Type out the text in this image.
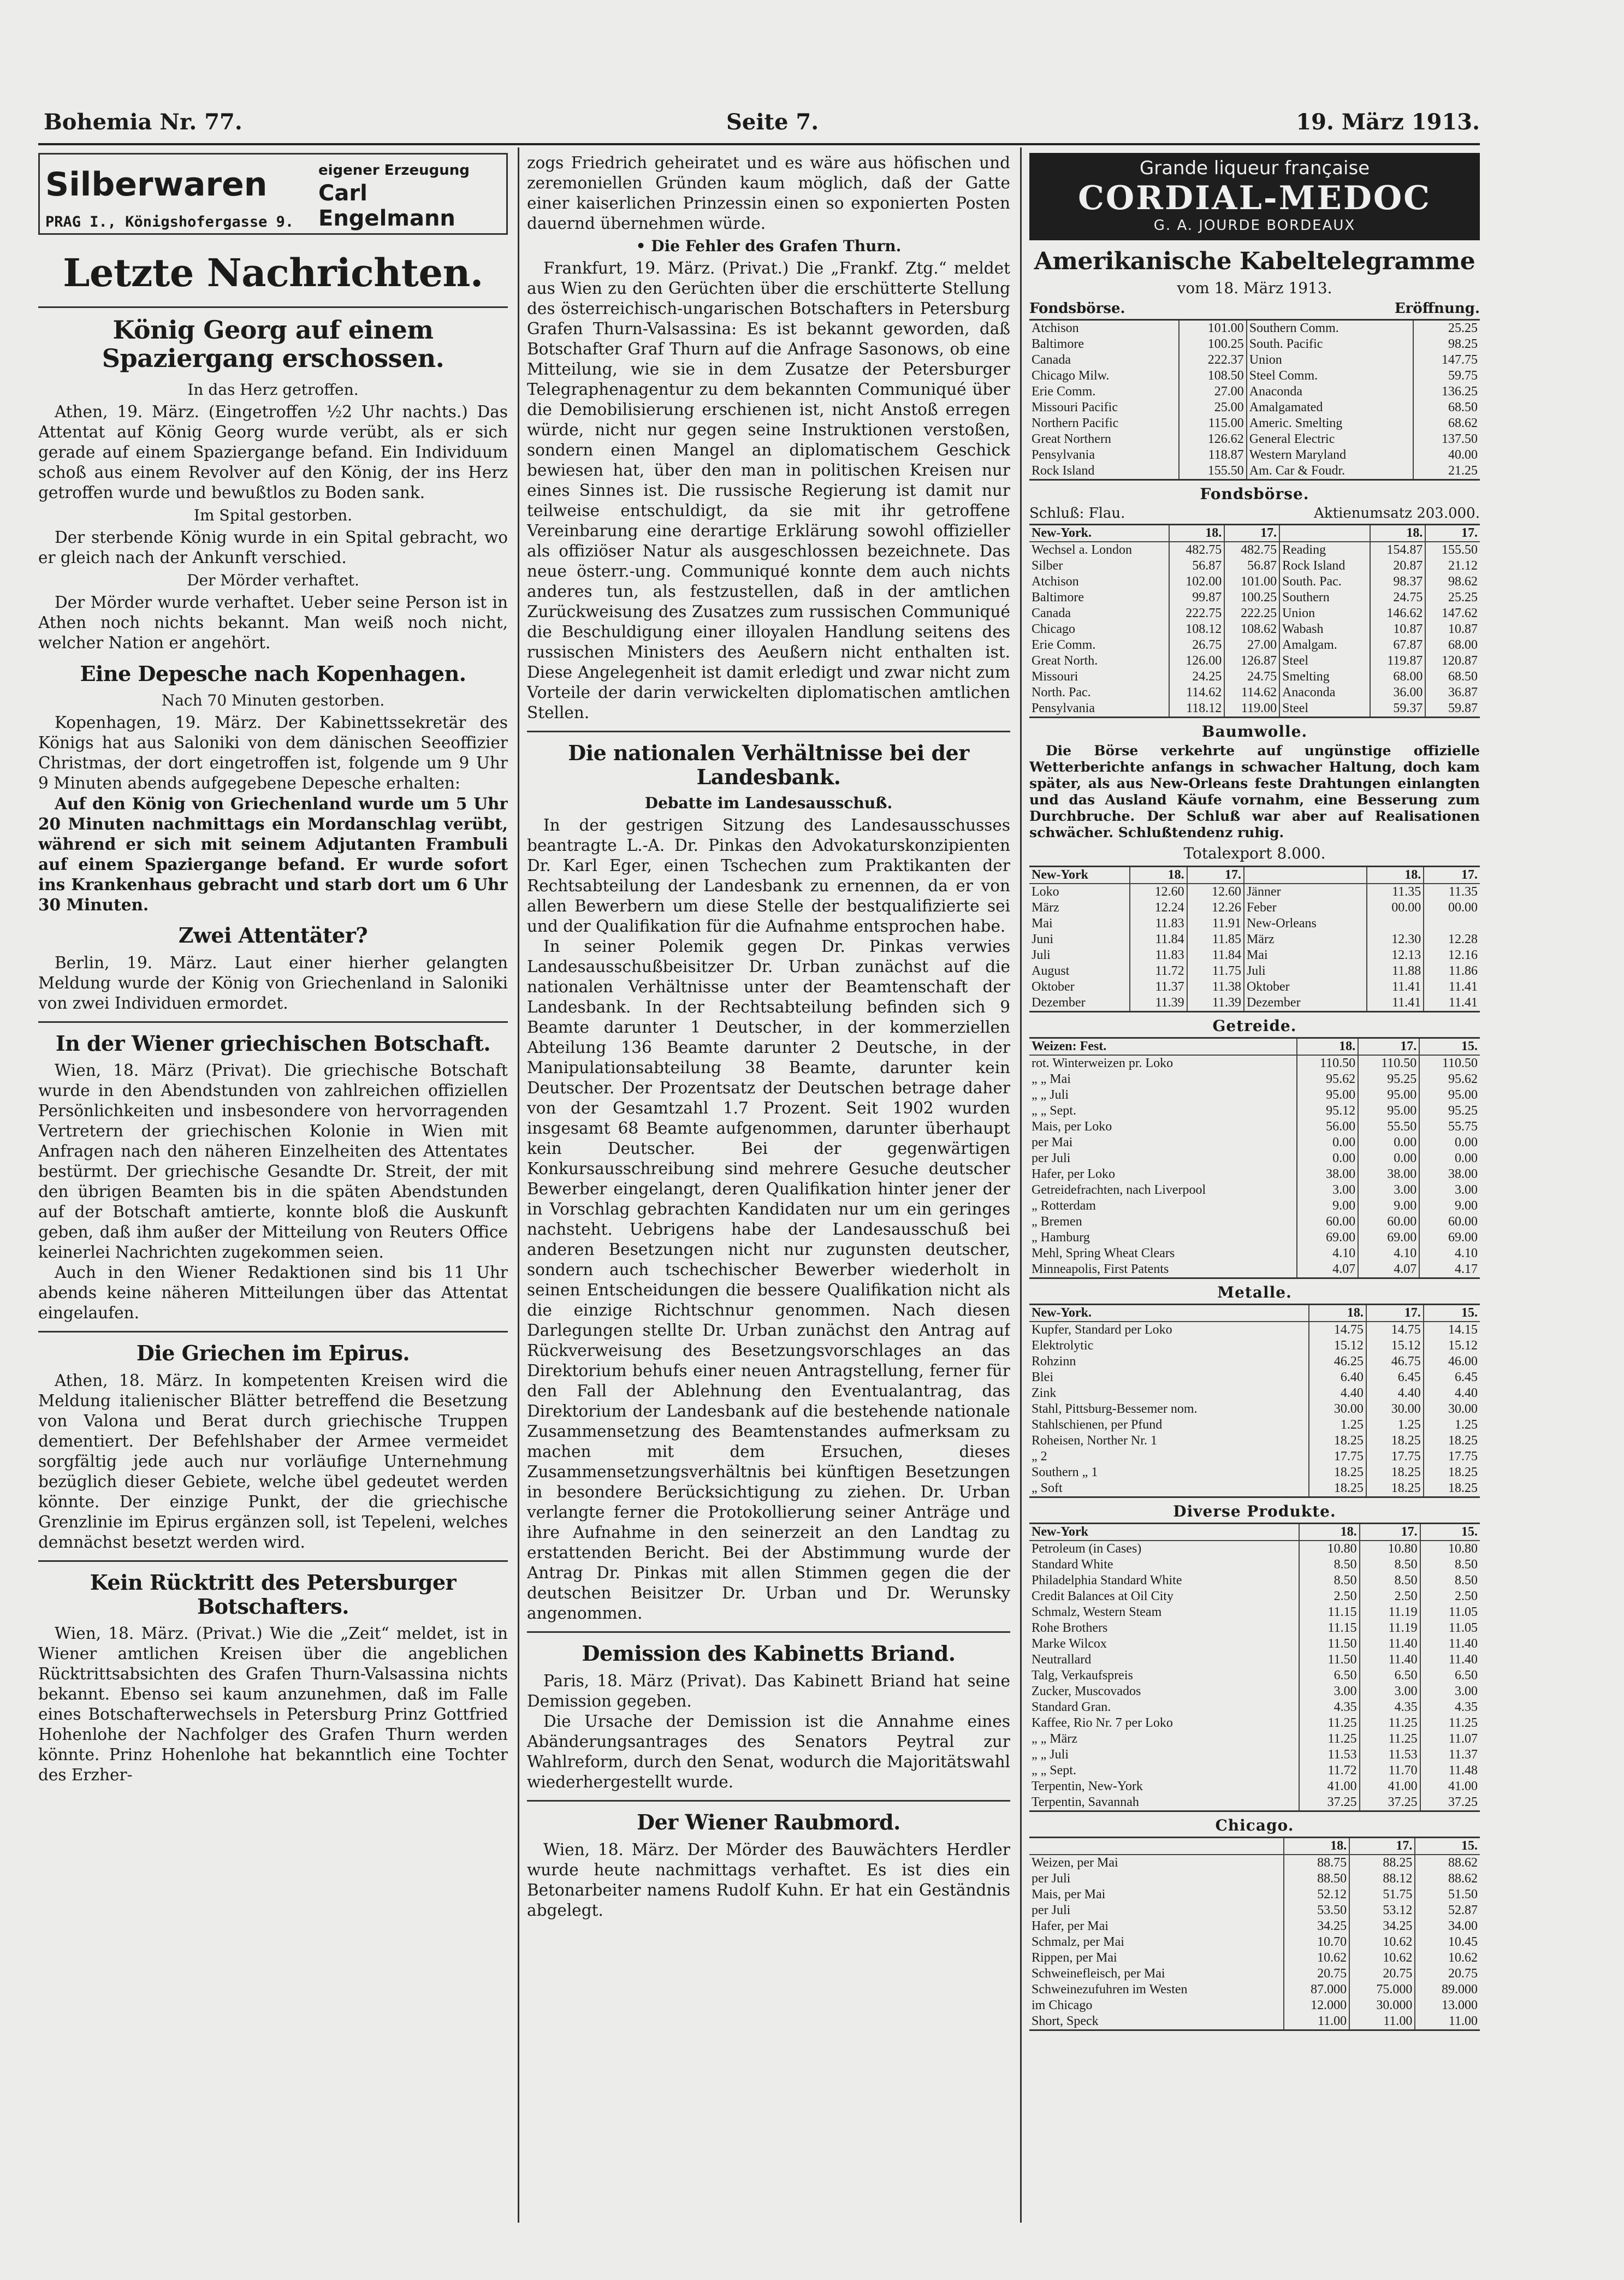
Bohemia Nr. 77.	Seite 7.	19. März 1913.
Silberwaren	eigener Erzeugung
Carl Engelmann
PRAG I., Königshofergasse 9.
Letzte Nachrichten.
König Georg auf einem Spaziergang erschossen.
In das Herz getroffen.

Athen, 19. März. (Eingetroffen ½2 Uhr nachts.) Das Attentat auf König Georg wurde verübt, als er sich gerade auf einem Spaziergange befand. Ein Individuum schoß aus einem Revolver auf den König, der ins Herz getroffen wurde und bewußtlos zu Boden sank.

Im Spital gestorben.

Der sterbende König wurde in ein Spital gebracht, wo er gleich nach der Ankunft verschied.

Der Mörder verhaftet.

Der Mörder wurde verhaftet. Ueber seine Person ist in Athen noch nichts bekannt. Man weiß noch nicht, welcher Nation er angehört.

Eine Depesche nach Kopenhagen.
Nach 70 Minuten gestorben.

Kopenhagen, 19. März. Der Kabinettssekretär des Königs hat aus Saloniki von dem dänischen Seeoffizier Christmas, der dort eingetroffen ist, folgende um 9 Uhr 9 Minuten abends aufgegebene Depesche erhalten:

Auf den König von Griechenland wurde um 5 Uhr 20 Minuten nachmittags ein Mordanschlag verübt, während er sich mit seinem Adjutanten Frambuli auf einem Spaziergange befand. Er wurde sofort ins Krankenhaus gebracht und starb dort um 6 Uhr 30 Minuten.

Zwei Attentäter?

Berlin, 19. März. Laut einer hierher gelangten Meldung wurde der König von Griechenland in Saloniki von zwei Individuen ermordet.

In der Wiener griechischen Botschaft.

Wien, 18. März (Privat). Die griechische Botschaft wurde in den Abendstunden von zahlreichen offiziellen Persönlichkeiten und insbesondere von hervorragenden Vertretern der griechischen Kolonie in Wien mit Anfragen nach den näheren Einzelheiten des Attentates bestürmt. Der griechische Gesandte Dr. Streit, der mit den übrigen Beamten bis in die späten Abendstunden auf der Botschaft amtierte, konnte bloß die Auskunft geben, daß ihm außer der Mitteilung von Reuters Office keinerlei Nachrichten zugekommen seien.

Auch in den Wiener Redaktionen sind bis 11 Uhr abends keine näheren Mitteilungen über das Attentat eingelaufen.

Die Griechen im Epirus.

Athen, 18. März. In kompetenten Kreisen wird die Meldung italienischer Blätter betreffend die Besetzung von Valona und Berat durch griechische Truppen dementiert. Der Befehlshaber der Armee vermeidet sorgfältig jede auch nur vorläufige Unternehmung bezüglich dieser Gebiete, welche übel gedeutet werden könnte. Der einzige Punkt, der die griechische Grenzlinie im Epirus ergänzen soll, ist Tepeleni, welches demnächst besetzt werden wird.

Kein Rücktritt des Petersburger Botschafters.

Wien, 18. März. (Privat.) Wie die „Zeit“ meldet, ist in Wiener amtlichen Kreisen über die angeblichen Rücktrittsabsichten des Grafen Thurn-Valsassina nichts bekannt. Ebenso sei kaum anzunehmen, daß im Falle eines Botschafterwechsels in Petersburg Prinz Gottfried Hohenlohe der Nachfolger des Grafen Thurn werden könnte. Prinz Hohenlohe hat bekanntlich eine Tochter des Erzher-

zogs Friedrich geheiratet und es wäre aus höfischen und zeremoniellen Gründen kaum möglich, daß der Gatte einer kaiserlichen Prinzessin einen so exponierten Posten dauernd übernehmen würde.

• Die Fehler des Grafen Thurn.

Frankfurt, 19. März. (Privat.) Die „Frankf. Ztg.“ meldet aus Wien zu den Gerüchten über die erschütterte Stellung des österreichisch-ungarischen Botschafters in Petersburg Grafen Thurn-Valsassina: Es ist bekannt geworden, daß Botschafter Graf Thurn auf die Anfrage Sasonows, ob eine Mitteilung, wie sie in dem Zusatze der Petersburger Telegraphenagentur zu dem bekannten Communiqué über die Demobilisierung erschienen ist, nicht Anstoß erregen würde, nicht nur gegen seine Instruktionen verstoßen, sondern einen Mangel an diplomatischem Geschick bewiesen hat, über den man in politischen Kreisen nur eines Sinnes ist. Die russische Regierung ist damit nur teilweise entschuldigt, da sie mit ihr getroffene Vereinbarung eine derartige Erklärung sowohl offizieller als offiziöser Natur als ausgeschlossen bezeichnete. Das neue österr.-ung. Communiqué konnte dem auch nichts anderes tun, als festzustellen, daß in der amtlichen Zurückweisung des Zusatzes zum russischen Communiqué die Beschuldigung einer illoyalen Handlung seitens des russischen Ministers des Aeußern nicht enthalten ist. Diese Angelegenheit ist damit erledigt und zwar nicht zum Vorteile der darin verwickelten diplomatischen amtlichen Stellen.

Die nationalen Verhältnisse bei der Landesbank.
Debatte im Landesausschuß.

In der gestrigen Sitzung des Landesausschusses beantragte L.-A. Dr. Pinkas den Advokaturskonzipienten Dr. Karl Eger, einen Tschechen zum Praktikanten der Rechtsabteilung der Landesbank zu ernennen, da er von allen Bewerbern um diese Stelle der bestqualifizierte sei und der Qualifikation für die Aufnahme entsprochen habe.

In seiner Polemik gegen Dr. Pinkas verwies Landesausschußbeisitzer Dr. Urban zunächst auf die nationalen Verhältnisse unter der Beamtenschaft der Landesbank. In der Rechtsabteilung befinden sich 9 Beamte darunter 1 Deutscher, in der kommerziellen Abteilung 136 Beamte darunter 2 Deutsche, in der Manipulationsabteilung 38 Beamte, darunter kein Deutscher. Der Prozentsatz der Deutschen betrage daher von der Gesamtzahl 1.7 Prozent. Seit 1902 wurden insgesamt 68 Beamte aufgenommen, darunter überhaupt kein Deutscher. Bei der gegenwärtigen Konkursausschreibung sind mehrere Gesuche deutscher Bewerber eingelangt, deren Qualifikation hinter jener der in Vorschlag gebrachten Kandidaten nur um ein geringes nachsteht. Uebrigens habe der Landesausschuß bei anderen Besetzungen nicht nur zugunsten deutscher, sondern auch tschechischer Bewerber wiederholt in seinen Entscheidungen die bessere Qualifikation nicht als die einzige Richtschnur genommen. Nach diesen Darlegungen stellte Dr. Urban zunächst den Antrag auf Rückverweisung des Besetzungsvorschlages an das Direktorium behufs einer neuen Antragstellung, ferner für den Fall der Ablehnung den Eventualantrag, das Direktorium der Landesbank auf die bestehende nationale Zusammensetzung des Beamtenstandes aufmerksam zu machen mit dem Ersuchen, dieses Zusammensetzungsverhältnis bei künftigen Besetzungen in besondere Berücksichtigung zu ziehen. Dr. Urban verlangte ferner die Protokollierung seiner Anträge und ihre Aufnahme in den seinerzeit an den Landtag zu erstattenden Bericht. Bei der Abstimmung wurde der Antrag Dr. Pinkas mit allen Stimmen gegen die der deutschen Beisitzer Dr. Urban und Dr. Werunsky angenommen.

Demission des Kabinetts Briand.

Paris, 18. März (Privat). Das Kabinett Briand hat seine Demission gegeben.

Die Ursache der Demission ist die Annahme eines Abänderungsantrages des Senators Peytral zur Wahlreform, durch den Senat, wodurch die Majoritätswahl wiederhergestellt wurde.

Der Wiener Raubmord.

Wien, 18. März. Der Mörder des Bauwächters Herdler wurde heute nachmittags verhaftet. Es ist dies ein Betonarbeiter namens Rudolf Kuhn. Er hat ein Geständnis abgelegt.

Grande liqueur française
CORDIAL-MEDOC
G. A. JOURDE BORDEAUX
Amerikanische Kabeltelegramme
vom 18. März 1913.
Fondsbörse.	Eröffnung.
Atchison	101.00	Southern Comm.	25.25
Baltimore	100.25	South. Pacific	98.25
Canada	222.37	Union	147.75
Chicago Milw.	108.50	Steel Comm.	59.75
Erie Comm.	27.00	Anaconda	136.25
Missouri Pacific	25.00	Amalgamated	68.50
Northern Pacific	115.00	Americ. Smelting	68.62
Great Northern	126.62	General Electric	137.50
Pensylvania	118.87	Western Maryland	40.00
Rock Island	155.50	Am. Car & Foudr.	21.25
Fondsbörse.
Schluß: Flau.	Aktienumsatz 203.000.
New-York.	18.	17.		18.	17.
Wechsel a. London	482.75	482.75	Reading	154.87	155.50
Silber	56.87	56.87	Rock Island	20.87	21.12
Atchison	102.00	101.00	South. Pac.	98.37	98.62
Baltimore	99.87	100.25	Southern	24.75	25.25
Canada	222.75	222.25	Union	146.62	147.62
Chicago	108.12	108.62	Wabash	10.87	10.87
Erie Comm.	26.75	27.00	Amalgam.	67.87	68.00
Great North.	126.00	126.87	Steel	119.87	120.87
Missouri	24.25	24.75	Smelting	68.00	68.50
North. Pac.	114.62	114.62	Anaconda	36.00	36.87
Pensylvania	118.12	119.00	Steel	59.37	59.87
Baumwolle.

Die Börse verkehrte auf ungünstige offizielle Wetterberichte anfangs in schwacher Haltung, doch kam später, als aus New-Orleans feste Drahtungen einlangten und das Ausland Käufe vornahm, eine Besserung zum Durchbruche. Der Schluß war aber auf Realisationen schwächer. Schlußtendenz ruhig.

Totalexport 8.000.
New-York	18.	17.		18.	17.
Loko	12.60	12.60	Jänner	11.35	11.35
März	12.24	12.26	Feber	00.00	00.00
Mai	11.83	11.91	New-Orleans		
Juni	11.84	11.85	März	12.30	12.28
Juli	11.83	11.84	Mai	12.13	12.16
August	11.72	11.75	Juli	11.88	11.86
Oktober	11.37	11.38	Oktober	11.41	11.41
Dezember	11.39	11.39	Dezember	11.41	11.41
Getreide.
Weizen: Fest.	18.	17.	15.
rot. Winterweizen pr. Loko	110.50	110.50	110.50
„ „ Mai	95.62	95.25	95.62
„ „ Juli	95.00	95.00	95.00
„ „ Sept.	95.12	95.00	95.25
Mais, per Loko	56.00	55.50	55.75
per Mai	0.00	0.00	0.00
per Juli	0.00	0.00	0.00
Hafer, per Loko	38.00	38.00	38.00
Getreidefrachten, nach Liverpool	3.00	3.00	3.00
„ Rotterdam	9.00	9.00	9.00
„ Bremen	60.00	60.00	60.00
„ Hamburg	69.00	69.00	69.00
Mehl, Spring Wheat Clears	4.10	4.10	4.10
Minneapolis, First Patents	4.07	4.07	4.17
Metalle.
New-York.	18.	17.	15.
Kupfer, Standard per Loko	14.75	14.75	14.15
Elektrolytic	15.12	15.12	15.12
Rohzinn	46.25	46.75	46.00
Blei	6.40	6.45	6.45
Zink	4.40	4.40	4.40
Stahl, Pittsburg-Bessemer nom.	30.00	30.00	30.00
Stahlschienen, per Pfund	1.25	1.25	1.25
Roheisen, Norther Nr. 1	18.25	18.25	18.25
„ 2	17.75	17.75	17.75
Southern „ 1	18.25	18.25	18.25
„ Soft	18.25	18.25	18.25
Diverse Produkte.
New-York	18.	17.	15.
Petroleum (in Cases)	10.80	10.80	10.80
Standard White	8.50	8.50	8.50
Philadelphia Standard White	8.50	8.50	8.50
Credit Balances at Oil City	2.50	2.50	2.50
Schmalz, Western Steam	11.15	11.19	11.05
Rohe Brothers	11.15	11.19	11.05
Marke Wilcox	11.50	11.40	11.40
Neutrallard	11.50	11.40	11.40
Talg, Verkaufspreis	6.50	6.50	6.50
Zucker, Muscovados	3.00	3.00	3.00
Standard Gran.	4.35	4.35	4.35
Kaffee, Rio Nr. 7 per Loko	11.25	11.25	11.25
„ „ März	11.25	11.25	11.07
„ „ Juli	11.53	11.53	11.37
„ „ Sept.	11.72	11.70	11.48
Terpentin, New-York	41.00	41.00	41.00
Terpentin, Savannah	37.25	37.25	37.25
Chicago.
	18.	17.	15.
Weizen, per Mai	88.75	88.25	88.62
per Juli	88.50	88.12	88.62
Mais, per Mai	52.12	51.75	51.50
per Juli	53.50	53.12	52.87
Hafer, per Mai	34.25	34.25	34.00
Schmalz, per Mai	10.70	10.62	10.45
Rippen, per Mai	10.62	10.62	10.62
Schweinefleisch, per Mai	20.75	20.75	20.75
Schweinezufuhren im Westen	87.000	75.000	89.000
im Chicago	12.000	30.000	13.000
Short, Speck	11.00	11.00	11.00
